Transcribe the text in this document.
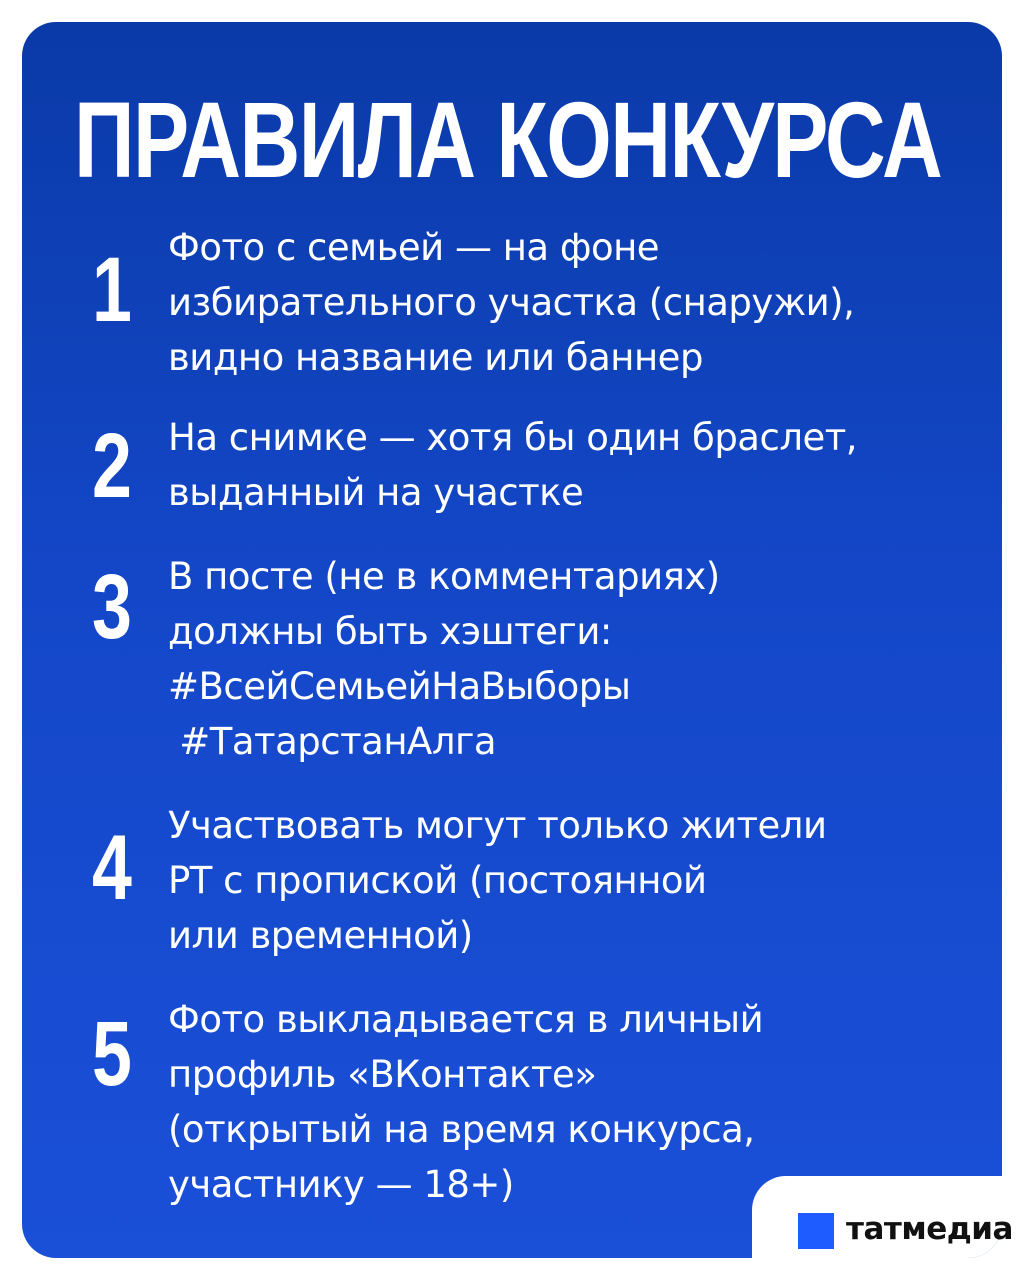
ПРАВИЛА КОНКУРСА
1 Фото с семьей — на фоне
избирательного участка (снаружи),
видно название или баннер

2 На снимке — хотя бы один браслет,
выданный на участке

3 В посте (не в комментариях)
должны быть хэштеги:
#ВсейСемьейНаВыборы
#ТатарстанАлга

4 Участвовать могут только жители
РТ с пропиской (постоянной
или временной)

5 Фото выкладывается в личный
профиль «ВКонтакте»
(открытый на время конкурса,
участнику — 18+)

татмедиа
